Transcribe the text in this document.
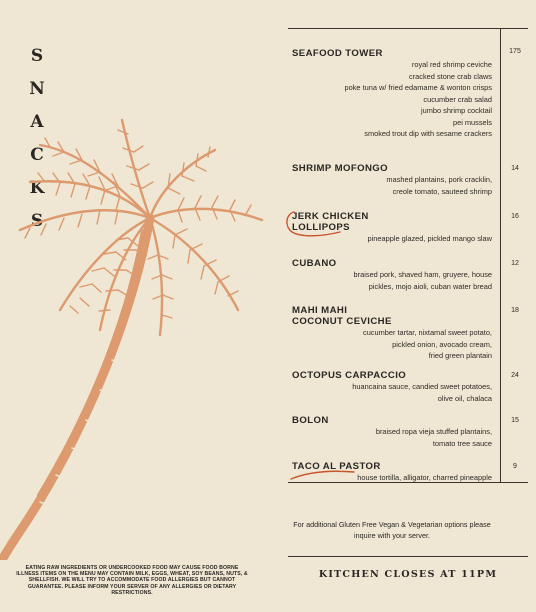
S
N
A
C
K
S
EATING RAW INGREDIENTS OR UNDERCOOKED FOOD MAY CAUSE FOOD BORNE ILLNESS ITEMS ON THE MENU MAY CONTAIN MILK, EGGS, WHEAT, SOY BEANS, NUTS, & SHELLFISH. WE WILL TRY TO ACCOMMODATE FOOD ALLERGIES BUT CANNOT GUARANTEE. PLEASE INFORM YOUR SERVER OF ANY ALLERGIES OR DIETARY RESTRICTIONS.
SEAFOOD TOWER
royal red shrimp ceviche
cracked stone crab claws
poke tuna w/ fried edamame & wonton crisps
cucumber crab salad
jumbo shrimp cocktail
pei mussels
smoked trout dip with sesame crackers
175
SHRIMP MOFONGO
mashed plantains, pork cracklin,
creole tomato, sauteed shrimp
14
JERK CHICKEN
LOLLIPOPS
pineapple glazed, pickled mango slaw
16
CUBANO
braised pork, shaved ham, gruyere, house
pickles, mojo aioli, cuban water bread
12
MAHI MAHI
COCONUT CEVICHE
cucumber tartar, nixtamal sweet potato,
pickled onion, avocado cream,
fried green plantain
18
OCTOPUS CARPACCIO
huancaina sauce, candied sweet potatoes,
olive oil, chalaca
24
BOLON
braised ropa vieja stuffed plantains,
tomato tree sauce
15
TACO AL PASTOR
house tortilla, alligator, charred pineapple
9
For additional Gluten Free Vegan & Vegetarian options please inquire with your server.
KITCHEN CLOSES AT 11PM
